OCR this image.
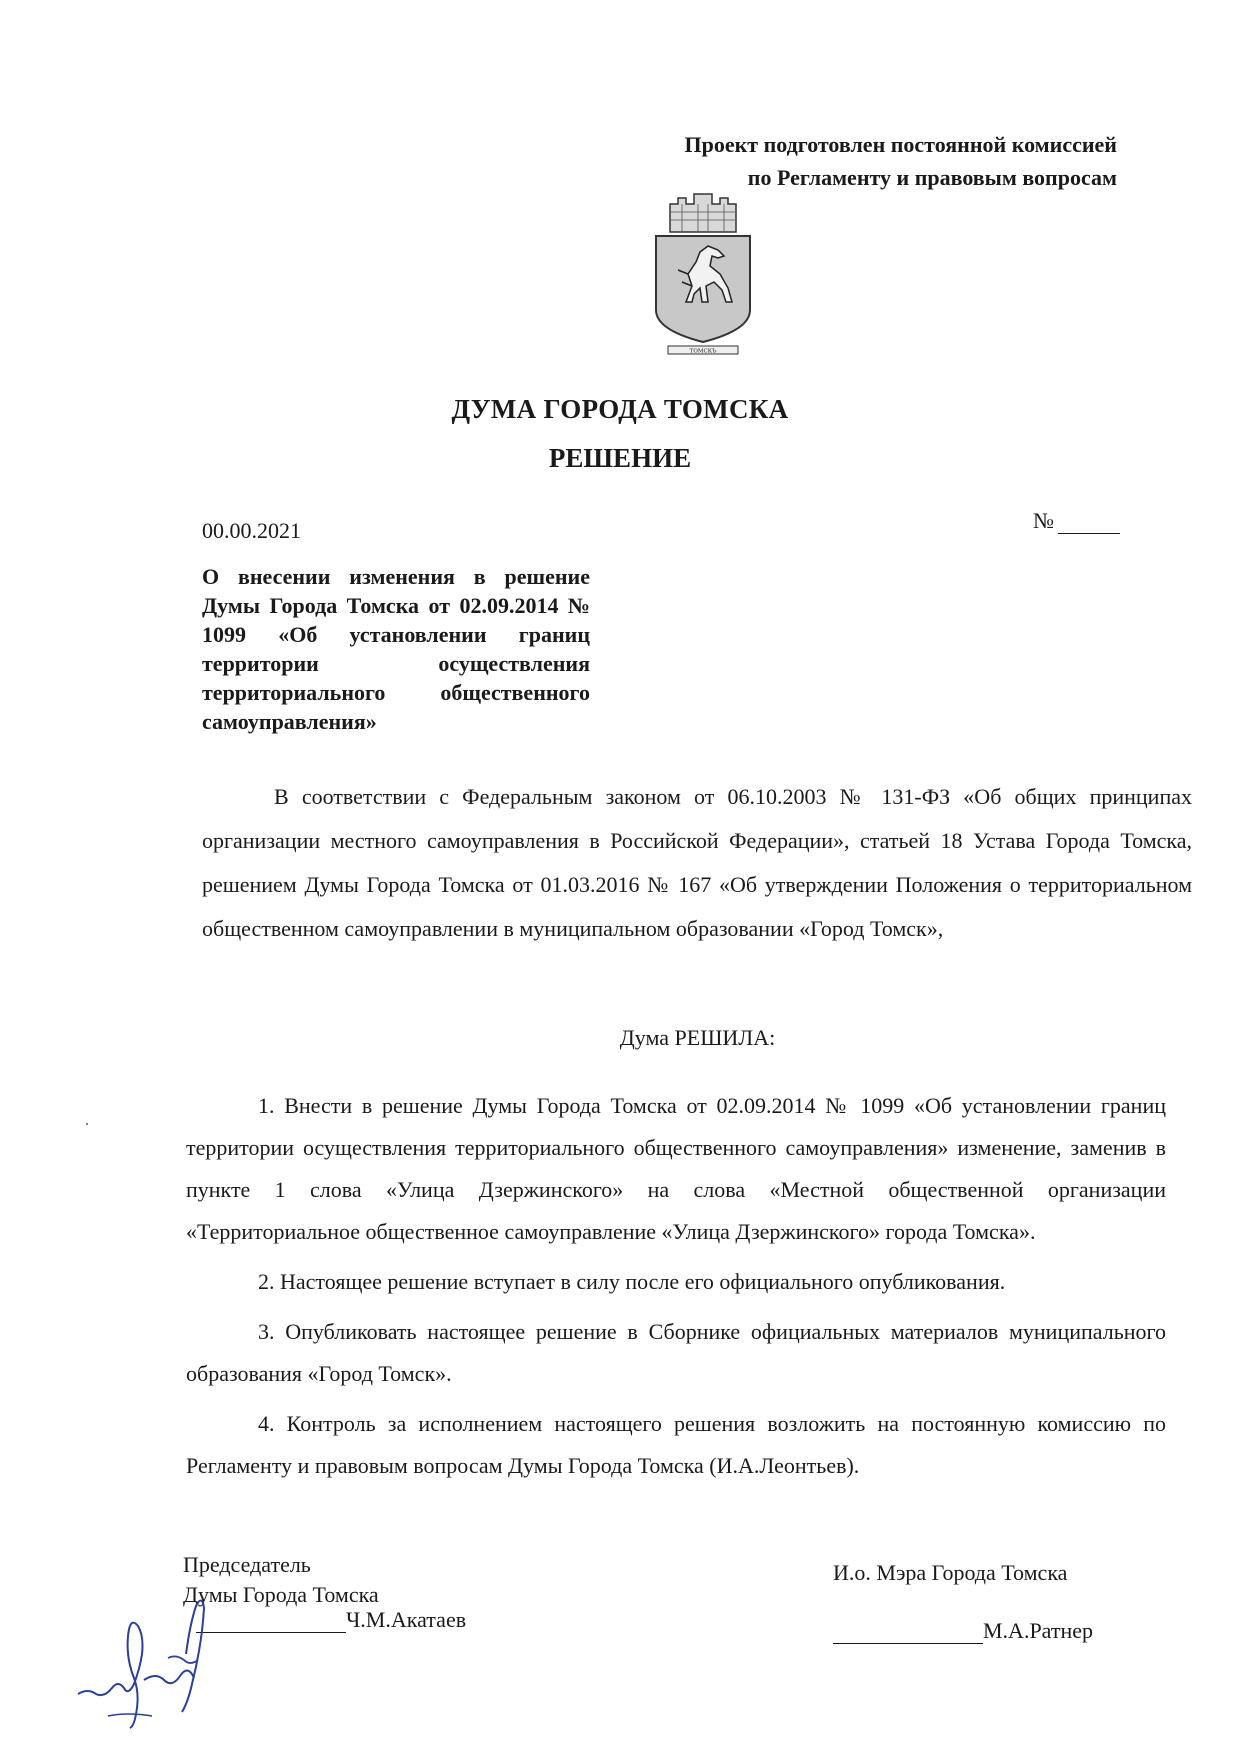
Проект подготовлен постоянной комиссией
по Регламенту и правовым вопросам
ТОМСКЪ
ДУМА ГОРОДА ТОМСКА
РЕШЕНИЕ
00.00.2021	№
О внесении изменения в решение Думы Города Томска от 02.09.2014 № 1099 «Об установлении границ территории осуществления территориального общественного самоуправления»

В соответствии с Федеральным законом от 06.10.2003 № 131-ФЗ «Об общих принципах организации местного самоуправления в Российской Федерации», статьей 18 Устава Города Томска, решением Думы Города Томска от 01.03.2016 № 167 «Об утверждении Положения о территориальном общественном самоуправлении в муниципальном образовании «Город Томск»,

Дума РЕШИЛА:

1. Внести в решение Думы Города Томска от 02.09.2014 № 1099 «Об установлении границ территории осуществления территориального общественного самоуправления» изменение, заменив в пункте 1 слова «Улица Дзержинского» на слова «Местной общественной организации «Территориальное общественное самоуправление «Улица Дзержинского» города Томска».

2. Настоящее решение вступает в силу после его официального опубликования.

3. Опубликовать настоящее решение в Сборнике официальных материалов муниципального образования «Город Томск».

4. Контроль за исполнением настоящего решения возложить на постоянную комиссию по Регламенту и правовым вопросам Думы Города Томска (И.А.Леонтьев).

Председатель
Думы Города Томска
Ч.М.Акатаев
И.о. Мэра Города Томска
М.А.Ратнер
